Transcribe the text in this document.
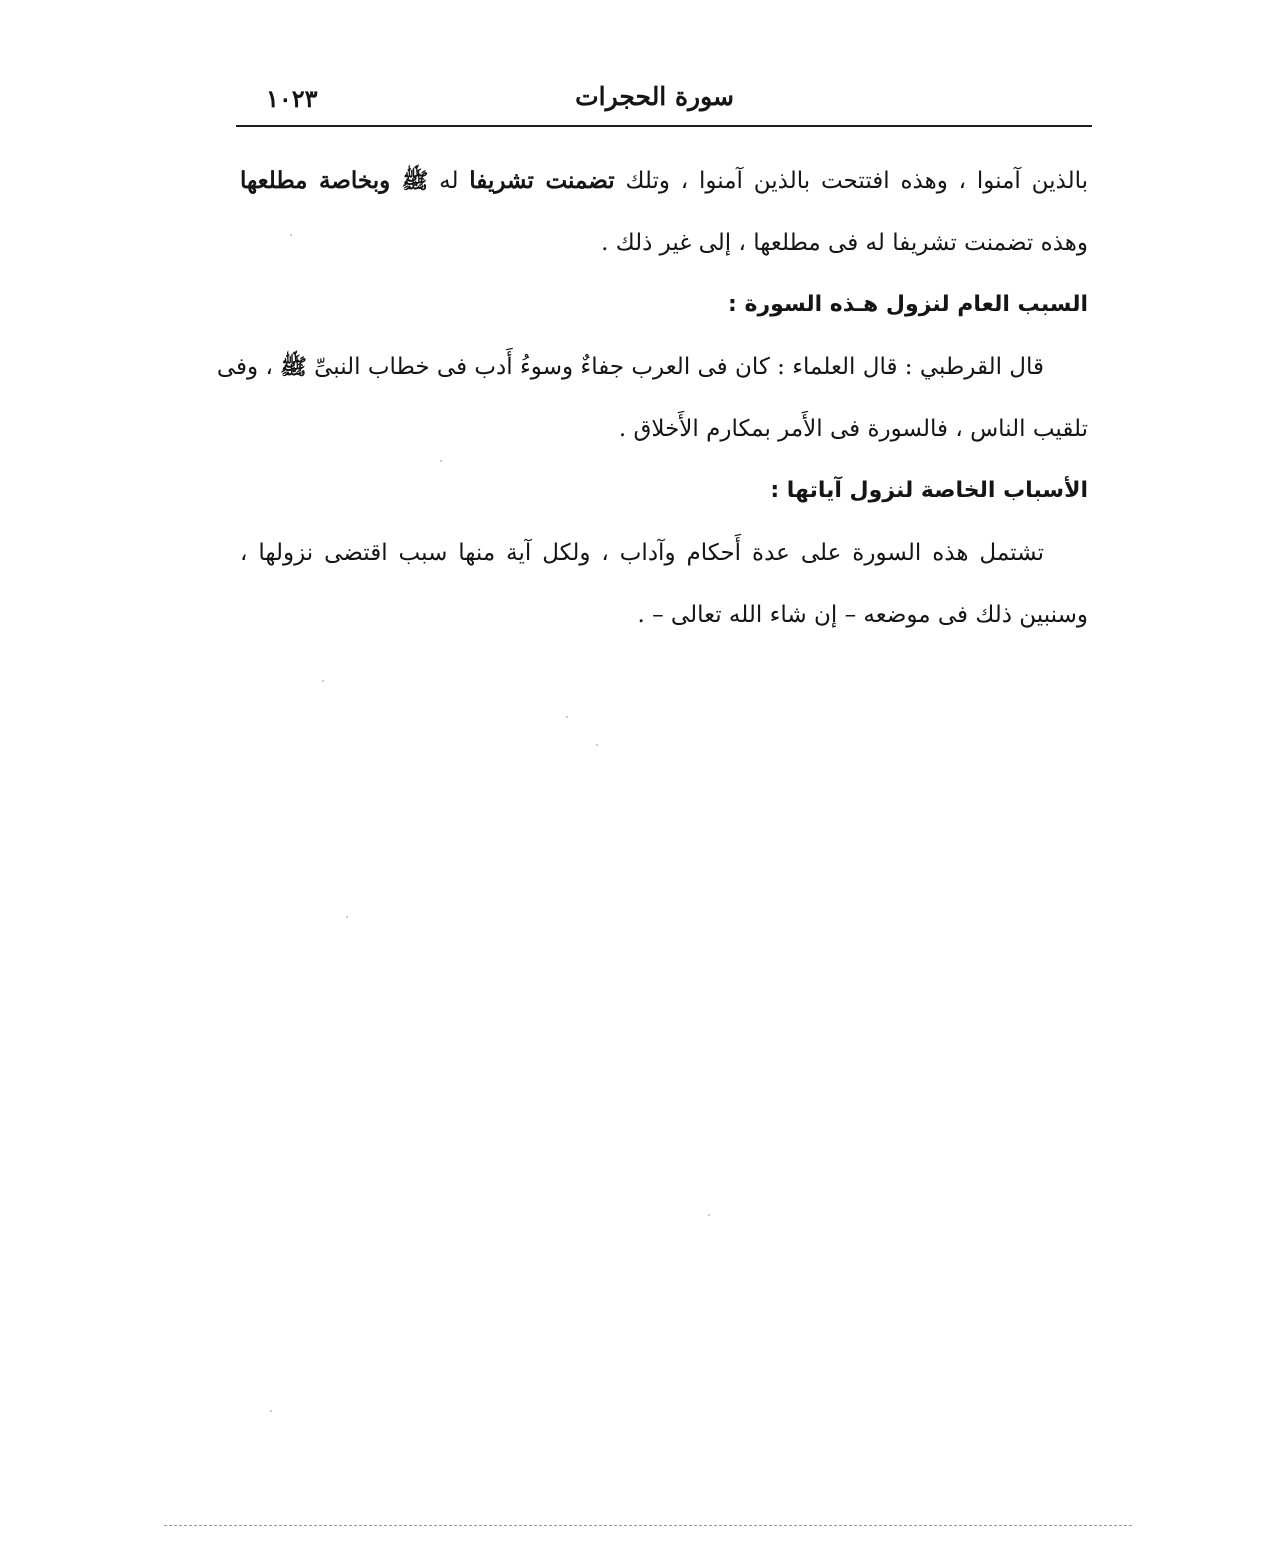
سورة الحجرات
١٠٢٣
بالذين آمنوا ، وهذه افتتحت بالذين آمنوا ، وتلك تضمنت تشريفا له ﷺ وبخاصة مطلعها
وهذه تضمنت تشريفا له فى مطلعها ، إلى غير ذلك .
السبب العام لنزول هـذه السورة :
قال القرطبي : قال العلماء : كان فى العرب جفاءٌ وسوءُ أَدب فى خطاب النبىِّ ﷺ ، وفى
تلقيب الناس ، فالسورة فى الأَمر بمكارم الأَخلاق .
الأسباب الخاصة لنزول آياتها :
تشتمل هذه السورة على عدة أَحكام وآداب ، ولكل آية منها سبب اقتضى نزولها ،
وسنبين ذلك فى موضعه – إن شاء الله تعالى – .
